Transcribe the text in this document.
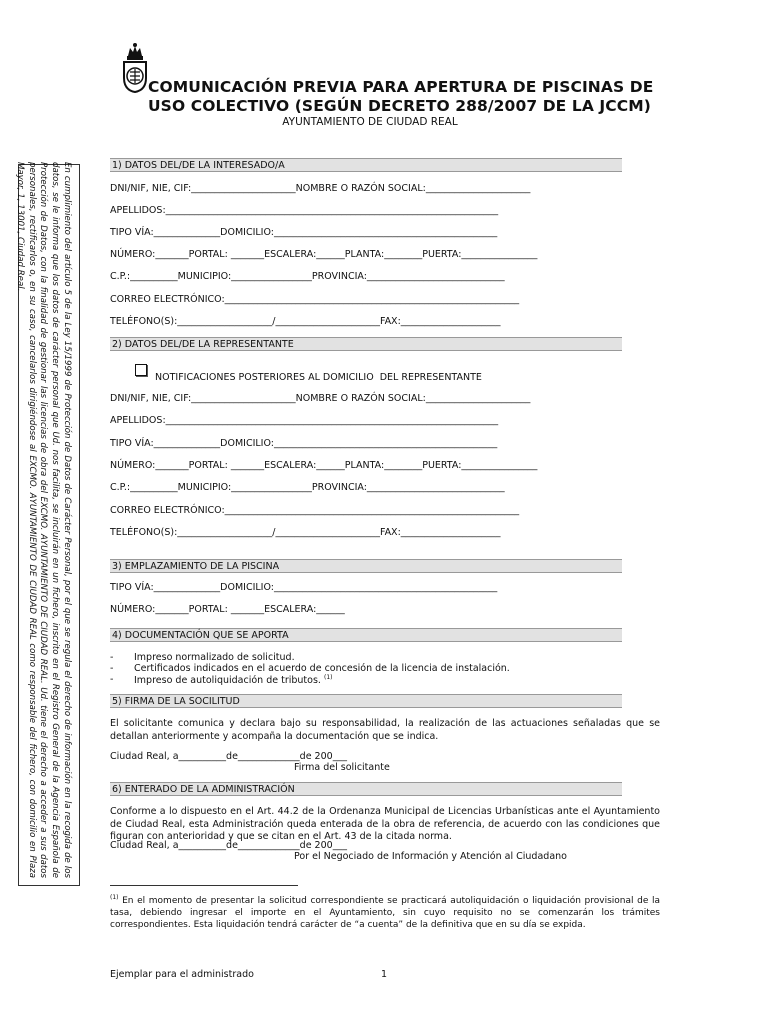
COMUNICACIÓN PREVIA PARA APERTURA DE PISCINAS DE
USO COLECTIVO (SEGÚN DECRETO 288/2007 DE LA JCCM)
AYUNTAMIENTO DE CIUDAD REAL
En cumplimiento del artículo 5 de la Ley 15/1999 de Protección de Datos de Carácter Personal, por el que se regula el derecho de información en la recogida de los datos, se le informa que los datos de carácter personal que Ud. nos facilita, se incluirán en un fichero, inscrito en el Registro General de la Agencia Española de Protección de Datos, con la finalidad de gestionar las licencias de obra del EXCMO. AYUNTAMIENTO DE CIUDAD REAL. Ud. tiene el derecho a acceder a sus datos personales, rectificarlos o, en su caso, cancelarlos dirigiéndose al EXCMO. AYUNTAMIENTO DE CIUDAD REAL como responsable del fichero, con domicilio en Plaza Mayor, 1, 13001, Ciudad Real.	1) DATOS DEL/DE LA INTERESADO/A
DNI/NIF, NIE, CIF:______________________NOMBRE O RAZÓN SOCIAL:______________________
APELLIDOS:______________________________________________________________________
TIPO VÍA:______________DOMICILIO:_______________________________________________
NÚMERO:_______PORTAL: _______ESCALERA:______PLANTA:________PUERTA:________________
C.P.:__________MUNICIPIO:_________________PROVINCIA:_____________________________
CORREO ELECTRÓNICO:______________________________________________________________
TELÉFONO(S):____________________/______________________FAX:_____________________
2) DATOS DEL/DE LA REPRESENTANTE
NOTIFICACIONES POSTERIORES AL DOMICILIO  DEL REPRESENTANTE
DNI/NIF, NIE, CIF:______________________NOMBRE O RAZÓN SOCIAL:______________________
APELLIDOS:______________________________________________________________________
TIPO VÍA:______________DOMICILIO:_______________________________________________
NÚMERO:_______PORTAL: _______ESCALERA:______PLANTA:________PUERTA:________________
C.P.:__________MUNICIPIO:_________________PROVINCIA:_____________________________
CORREO ELECTRÓNICO:______________________________________________________________
TELÉFONO(S):____________________/______________________FAX:_____________________
3) EMPLAZAMIENTO DE LA PISCINA
TIPO VÍA:______________DOMICILIO:_______________________________________________
NÚMERO:_______PORTAL: _______ESCALERA:______
4) DOCUMENTACIÓN QUE SE APORTA
-	Impreso normalizado de solicitud.
- Certificados indicados en el acuerdo de concesión de la licencia de instalación.
- Impreso de autoliquidación de tributos. $^{(1)}$
5) FIRMA DE LA SOCILITUD
El solicitante comunica y declara bajo su responsabilidad, la realización de las actuaciones señaladas que se detallan anteriormente y acompaña la documentación que se indica.
Ciudad Real, a__________de_____________de 200___
Firma del solicitante
6) ENTERADO DE LA ADMINISTRACIÓN
Conforme a lo dispuesto en el Art. 44.2 de la Ordenanza Municipal de Licencias Urbanísticas ante el Ayuntamiento de Ciudad Real, esta Administración queda enterada de la obra de referencia, de acuerdo con las condiciones que figuran con anterioridad y que se citan en el Art. 43 de la citada norma.
Ciudad Real, a__________de_____________de 200___
Por el Negociado de Información y Atención al Ciudadano
$^{(1)}$ En el momento de presentar la solicitud correspondiente se practicará autoliquidación o liquidación provisional de la tasa, debiendo ingresar el importe en el Ayuntamiento, sin cuyo requisito no se comenzarán los trámites correspondientes. Esta liquidación tendrá carácter de “a cuenta” de la definitiva que en su día se expida.
Ejemplar para el administrado	1
